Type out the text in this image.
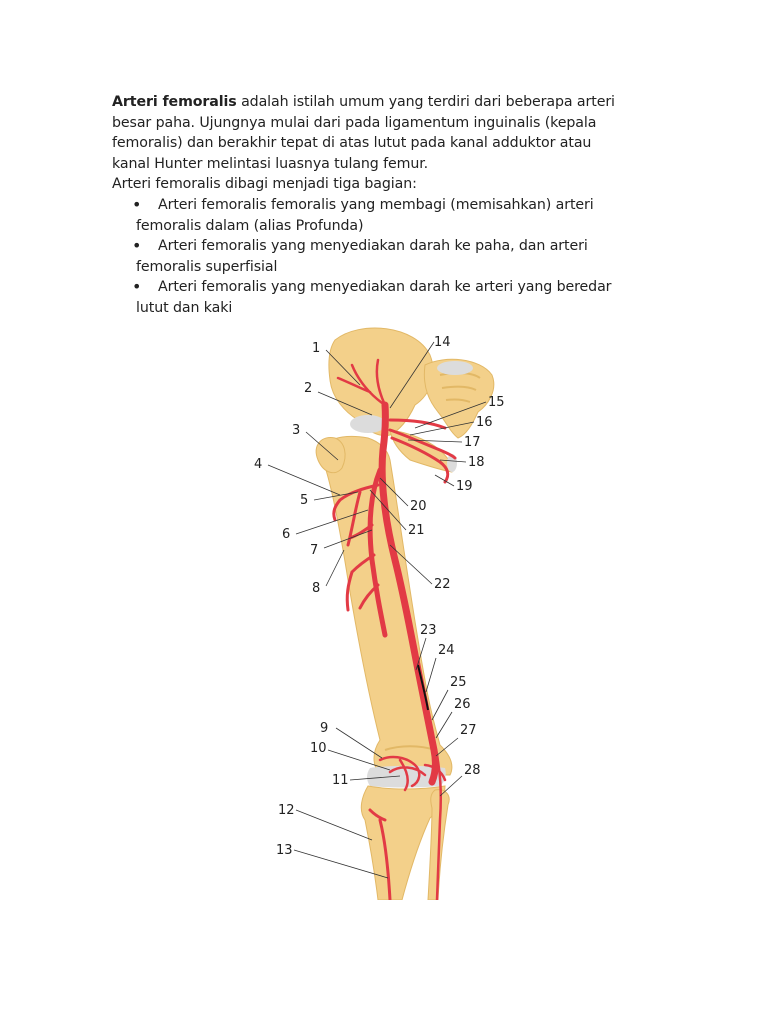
Arteri femoralis adalah istilah umum yang terdiri dari beberapa arteri
besar paha. Ujungnya mulai dari pada ligamentum inguinalis (kepala
femoralis) dan berakhir tepat di atas lutut pada kanal adduktor atau
kanal Hunter melintasi luasnya tulang femur.

Arteri femoralis dibagi menjadi tiga bagian:

•	Arteri femoralis femoralis yang membagi (memisahkan) arteri
femoralis dalam (alias Profunda)
•	Arteri femoralis yang menyediakan darah ke paha, dan arteri
femoralis superfisial
•	Arteri femoralis yang menyediakan darah ke arteri yang beredar
lutut dan kaki
1
2
3
4
5
6
7
8
9
10
11
12
13
14
15
16
17
18
19
20
21
22
23
24
25
26
27
28
